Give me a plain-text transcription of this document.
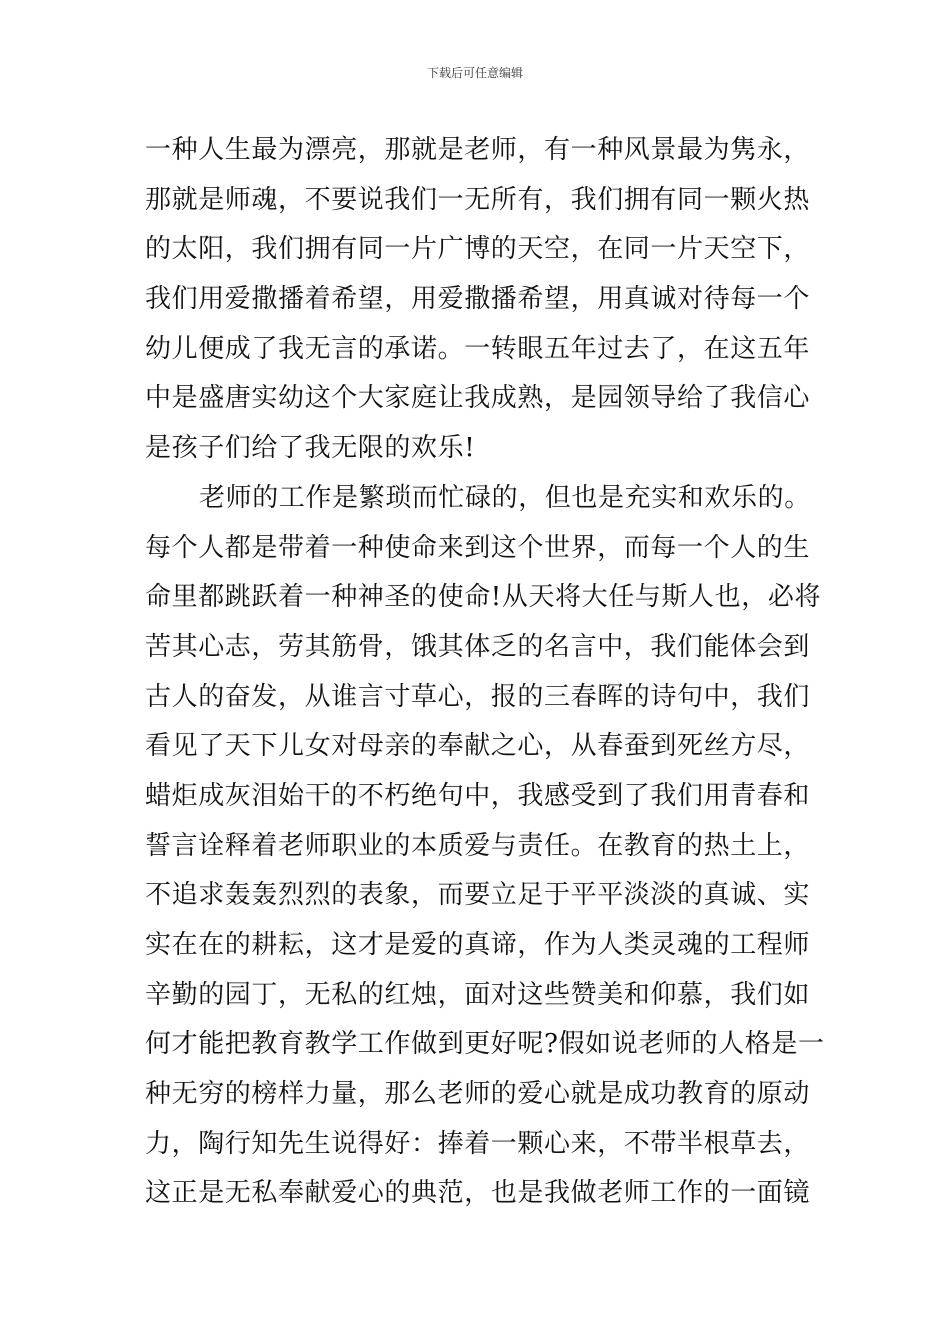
下载后可任意编辑
一种人生最为漂亮，那就是老师，有一种风景最为隽永，
那就是师魂，不要说我们一无所有，我们拥有同一颗火热
的太阳，我们拥有同一片广博的天空，在同一片天空下，
我们用爱撒播着希望，用爱撒播希望，用真诚对待每一个
幼儿便成了我无言的承诺。一转眼五年过去了，在这五年
中是盛唐实幼这个大家庭让我成熟，是园领导给了我信心
是孩子们给了我无限的欢乐!
老师的工作是繁琐而忙碌的，但也是充实和欢乐的。
每个人都是带着一种使命来到这个世界，而每一个人的生
命里都跳跃着一种神圣的使命!从天将大任与斯人也，必将
苦其心志，劳其筋骨，饿其体乏的名言中，我们能体会到
古人的奋发，从谁言寸草心，报的三春晖的诗句中，我们
看见了天下儿女对母亲的奉献之心，从春蚕到死丝方尽，
蜡炬成灰泪始干的不朽绝句中，我感受到了我们用青春和
誓言诠释着老师职业的本质爱与责任。在教育的热土上，
不追求轰轰烈烈的表象，而要立足于平平淡淡的真诚、实
实在在的耕耘，这才是爱的真谛，作为人类灵魂的工程师
辛勤的园丁，无私的红烛，面对这些赞美和仰慕，我们如
何才能把教育教学工作做到更好呢?假如说老师的人格是一
种无穷的榜样力量，那么老师的爱心就是成功教育的原动
力，陶行知先生说得好：捧着一颗心来，不带半根草去，
这正是无私奉献爱心的典范，也是我做老师工作的一面镜
